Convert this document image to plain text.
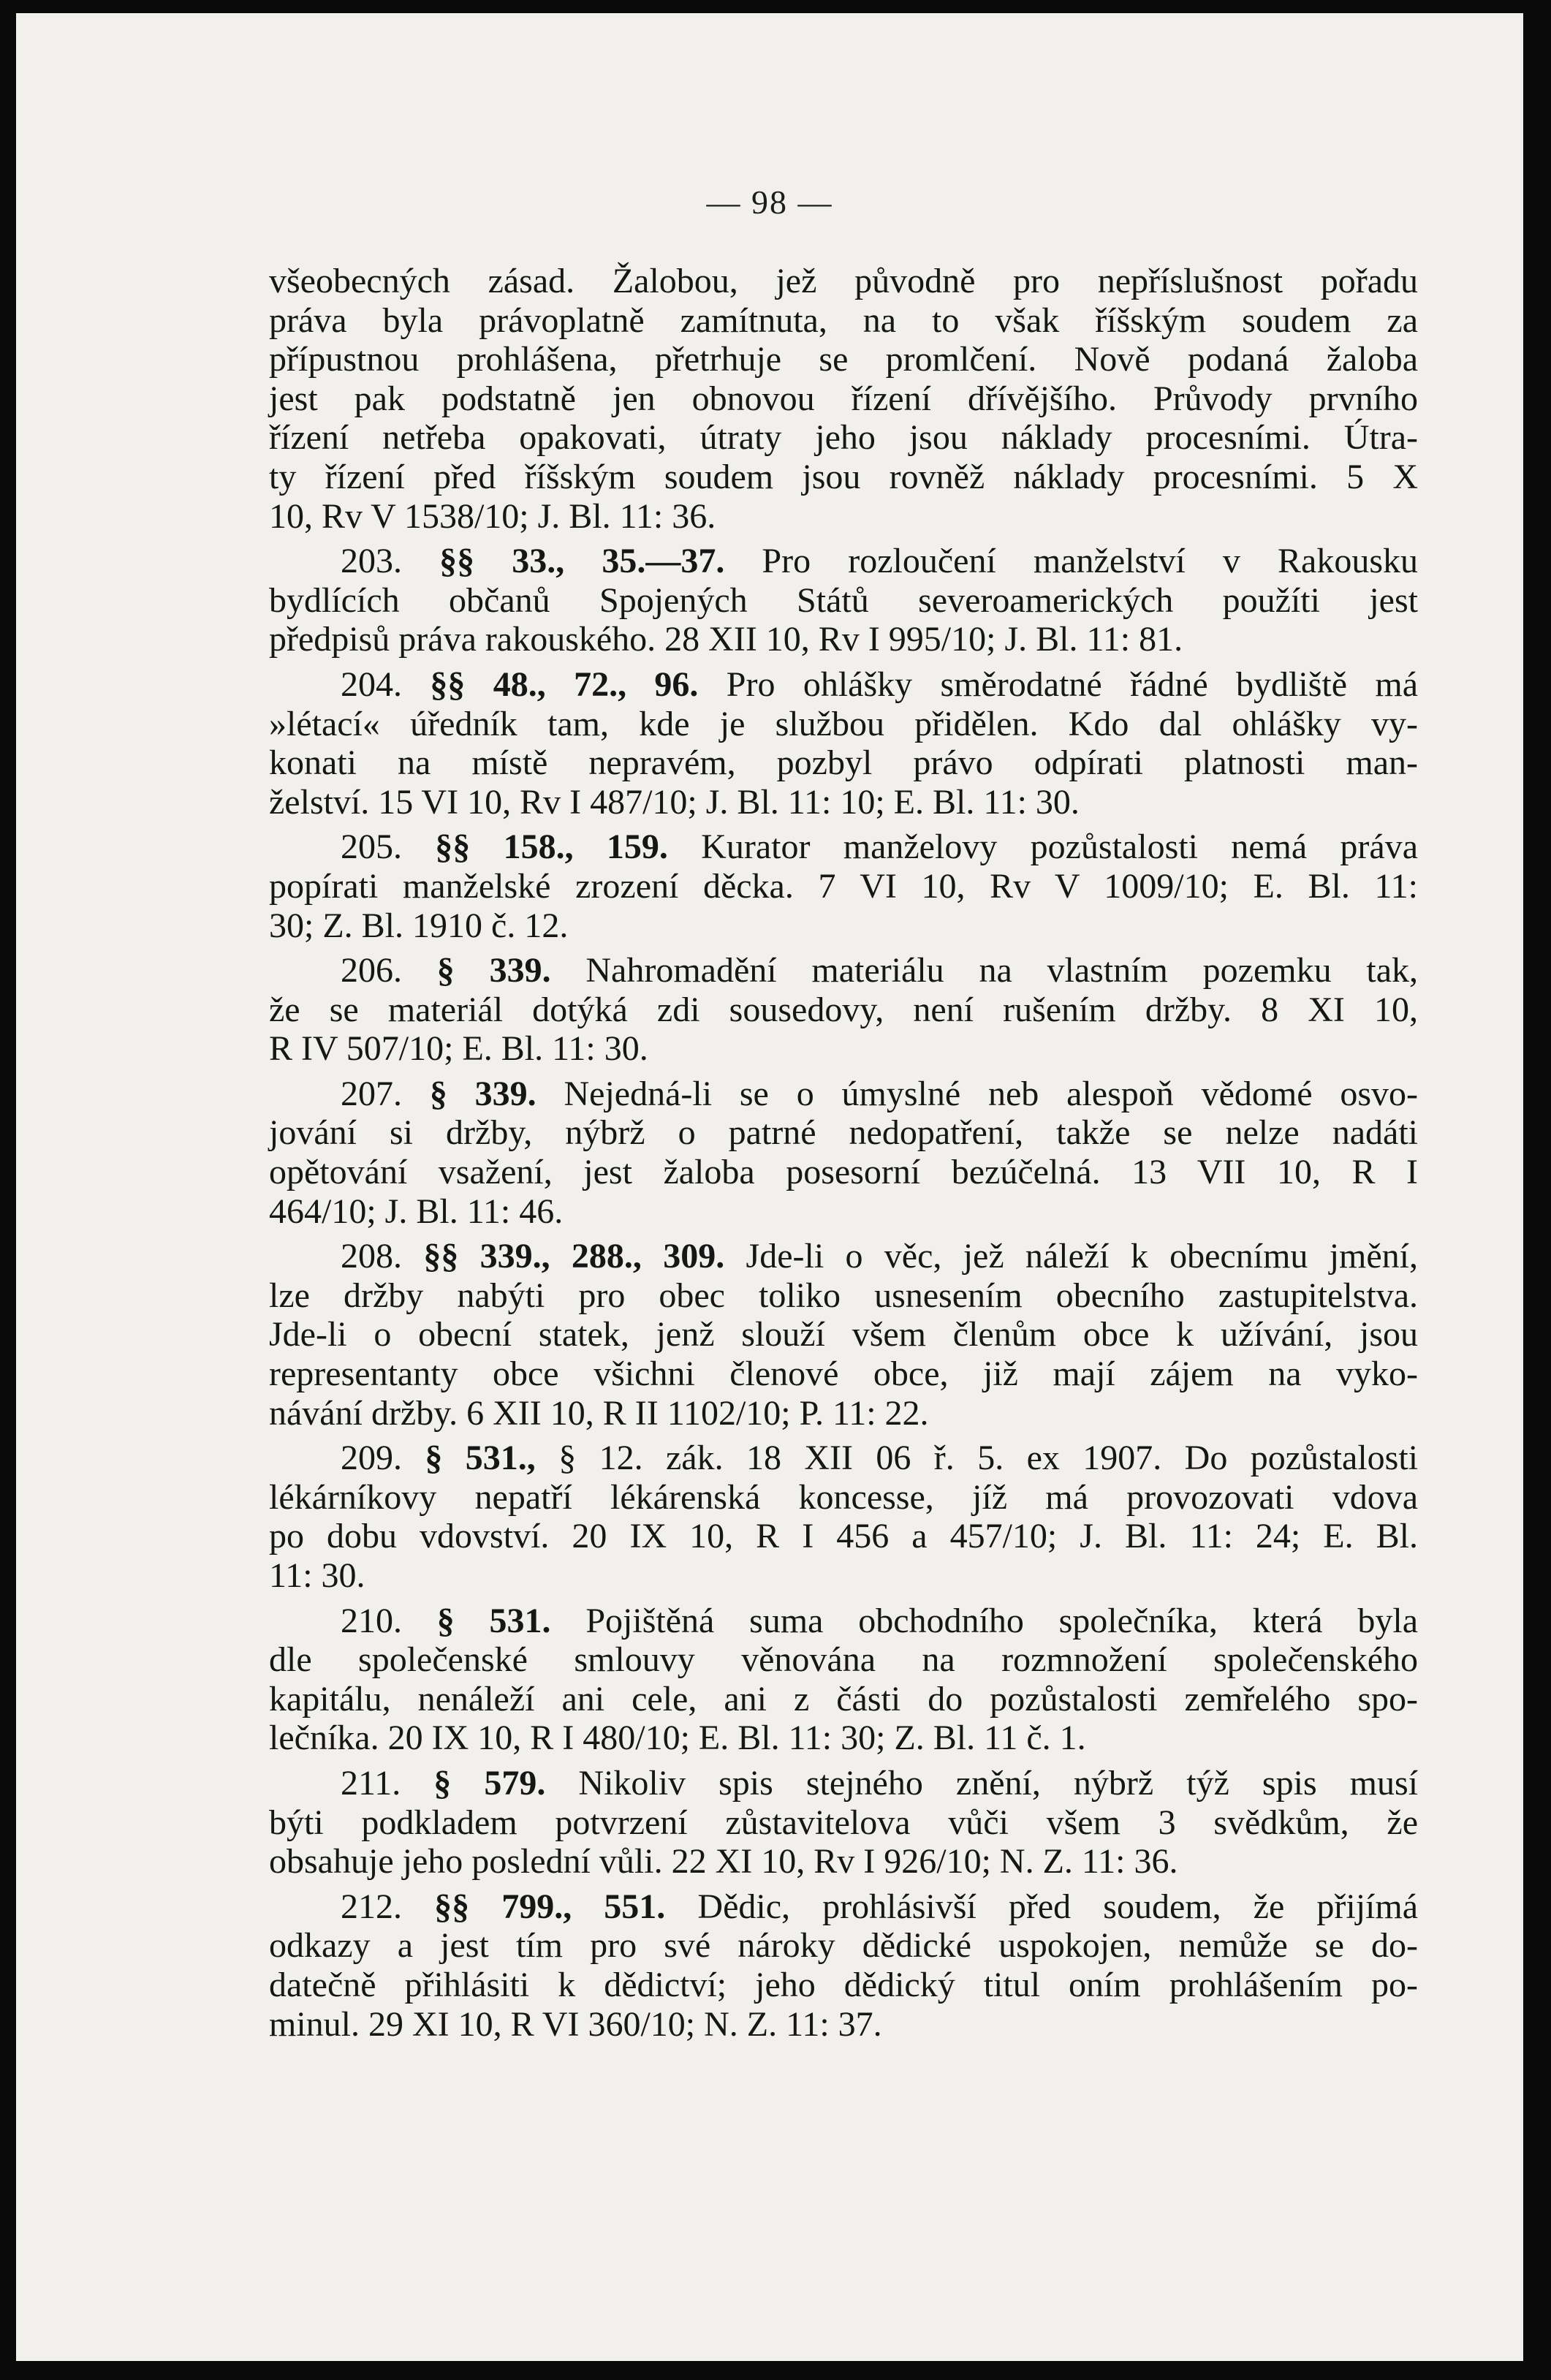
— 98 —
všeobecných zásad. Žalobou, jež původně pro nepříslušnost pořadu
práva byla právoplatně zamítnuta, na to však říšským soudem za
přípustnou prohlášena, přetrhuje se promlčení. Nově podaná žaloba
jest pak podstatně jen obnovou řízení dřívějšího. Průvody prvního
řízení netřeba opakovati, útraty jeho jsou náklady procesními. Útra-
ty řízení před říšským soudem jsou rovněž náklady procesními. 5 X
10, Rv V 1538/10; J. Bl. 11: 36.
203. §§ 33., 35.—37. Pro rozloučení manželství v Rakousku
bydlících občanů Spojených Států severoamerických použíti jest
předpisů práva rakouského. 28 XII 10, Rv I 995/10; J. Bl. 11: 81.
204. §§ 48., 72., 96. Pro ohlášky směrodatné řádné bydliště má
»létací« úředník tam, kde je službou přidělen. Kdo dal ohlášky vy-
konati na místě nepravém, pozbyl právo odpírati platnosti man-
želství. 15 VI 10, Rv I 487/10; J. Bl. 11: 10; E. Bl. 11: 30.
205. §§ 158., 159. Kurator manželovy pozůstalosti nemá práva
popírati manželské zrození děcka. 7 VI 10, Rv V 1009/10; E. Bl. 11:
30; Z. Bl. 1910 č. 12.
206. § 339. Nahromadění materiálu na vlastním pozemku tak,
že se materiál dotýká zdi sousedovy, není rušením držby. 8 XI 10,
R IV 507/10; E. Bl. 11: 30.
207. § 339. Nejedná-li se o úmyslné neb alespoň vědomé osvo-
jování si držby, nýbrž o patrné nedopatření, takže se nelze nadáti
opětování vsažení, jest žaloba posesorní bezúčelná. 13 VII 10, R I
464/10; J. Bl. 11: 46.
208. §§ 339., 288., 309. Jde-li o věc, jež náleží k obecnímu jmění,
lze držby nabýti pro obec toliko usnesením obecního zastupitelstva.
Jde-li o obecní statek, jenž slouží všem členům obce k užívání, jsou
representanty obce všichni členové obce, již mají zájem na vyko-
návání držby. 6 XII 10, R II 1102/10; P. 11: 22.
209. § 531., § 12. zák. 18 XII 06 ř. 5. ex 1907. Do pozůstalosti
lékárníkovy nepatří lékárenská koncesse, jíž má provozovati vdova
po dobu vdovství. 20 IX 10, R I 456 a 457/10; J. Bl. 11: 24; E. Bl.
11: 30.
210. § 531. Pojištěná suma obchodního společníka, která byla
dle společenské smlouvy věnována na rozmnožení společenského
kapitálu, nenáleží ani cele, ani z části do pozůstalosti zemřelého spo-
lečníka. 20 IX 10, R I 480/10; E. Bl. 11: 30; Z. Bl. 11 č. 1.
211. § 579. Nikoliv spis stejného znění, nýbrž týž spis musí
býti podkladem potvrzení zůstavitelova vůči všem 3 svědkům, že
obsahuje jeho poslední vůli. 22 XI 10, Rv I 926/10; N. Z. 11: 36.
212. §§ 799., 551. Dědic, prohlásivší před soudem, že přijímá
odkazy a jest tím pro své nároky dědické uspokojen, nemůže se do-
datečně přihlásiti k dědictví; jeho dědický titul oním prohlášením po-
minul. 29 XI 10, R VI 360/10; N. Z. 11: 37.
